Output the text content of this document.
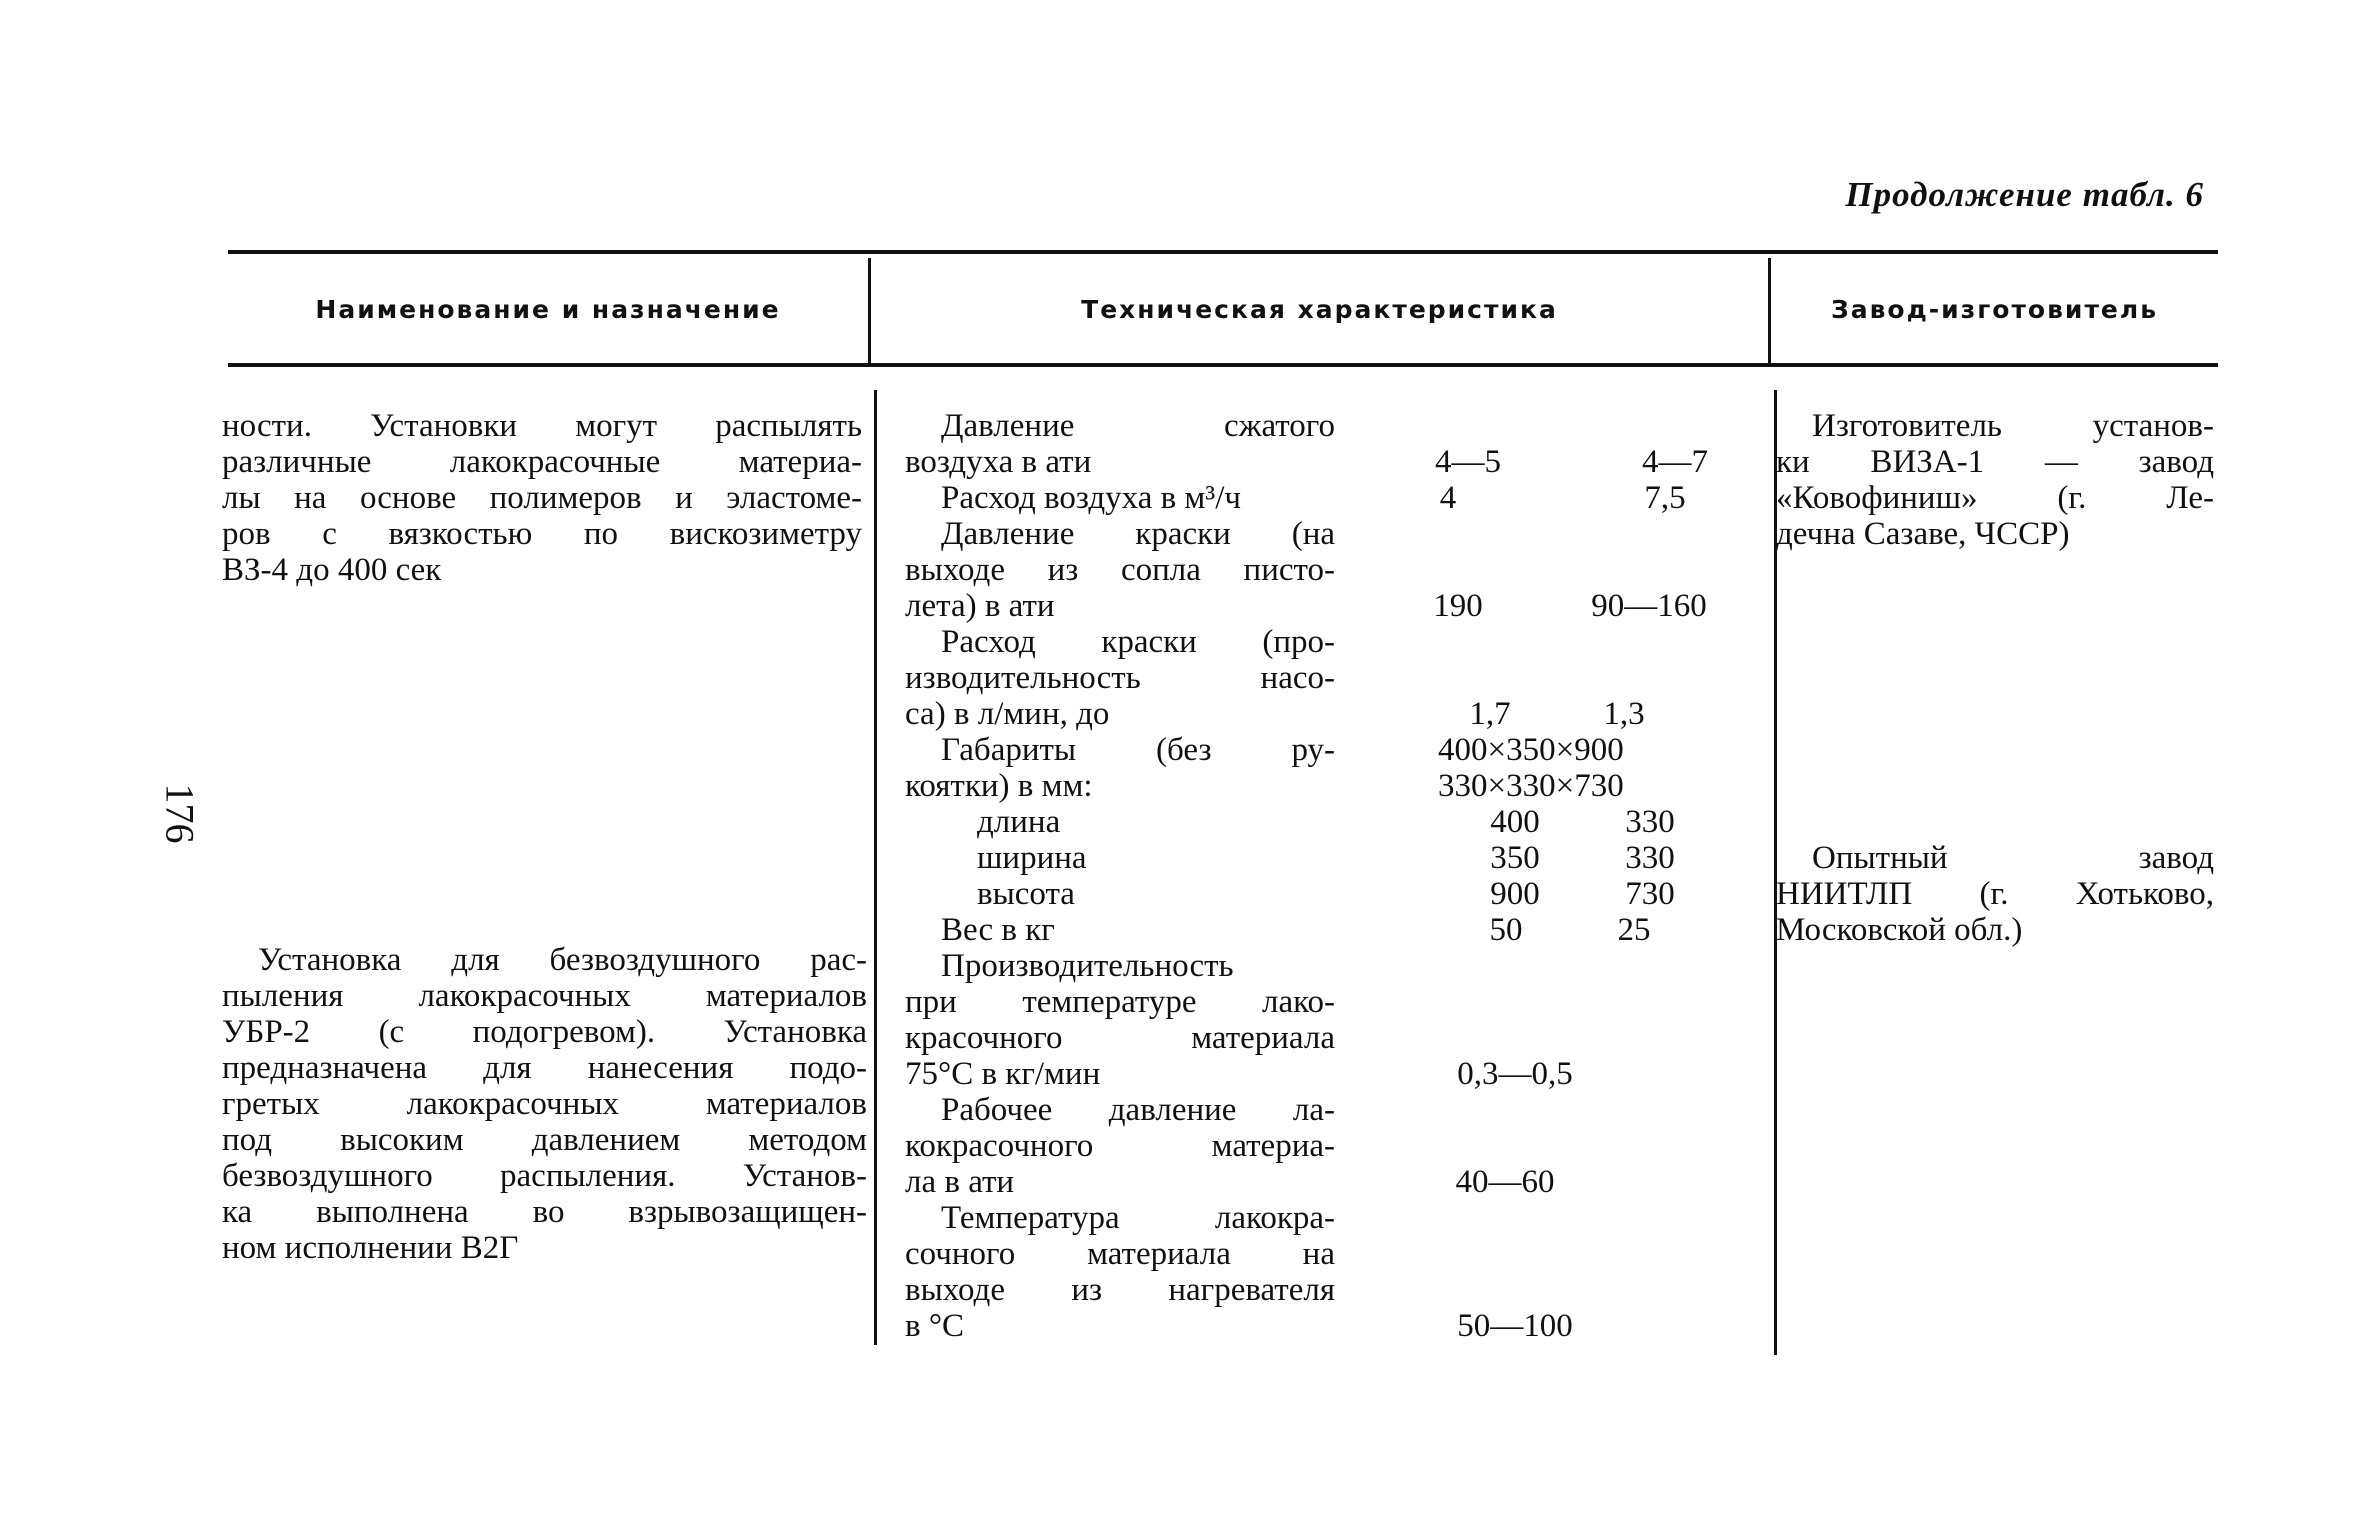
Продолжение табл. 6
Наименование и назначение	Техническая характеристика	Завод-изготовитель
176
ности. Установки могут распылять
различные лакокрасочные материа-
лы на основе полимеров и эластоме-
ров с вязкостью по вискозиметру
ВЗ-4 до 400 сек
Установка для безвоздушного рас-
пыления лакокрасочных материалов
УБР-2 (с подогревом). Установка
предназначена для нанесения подо-
гретых лакокрасочных материалов
под высоким давлением методом
безвоздушного распыления. Установ-
ка выполнена во взрывозащищен-
ном исполнении В2Г
Давление сжатого
воздуха в ати
Расход воздуха в м³/ч
Давление краски (на
выходе из сопла писто-
лета) в ати
Расход краски (про-
изводительность насо-
са) в л/мин, до
Габариты (без ру-
коятки) в мм:
длина
ширина
высота
Вес в кг
Производительность
при температуре лако-
красочного материала
75°C в кг/мин
Рабочее давление ла-
кокрасочного материа-
ла в ати
Температура лакокра-
сочного материала на
выходе из нагревателя
в °С
4—5
4
190
1,7
400×350×900
330×330×730
400
350
900
50
0,3—0,5
40—60
50—100
4—7
7,5
90—160
1,3
330
330
730
25
Изготовитель установ-
ки ВИЗА-1 — завод
«Ковофиниш» (г. Ле-
дечна Сазаве, ЧССР)
Опытный завод
НИИТЛП (г. Хотьково,
Московской обл.)
